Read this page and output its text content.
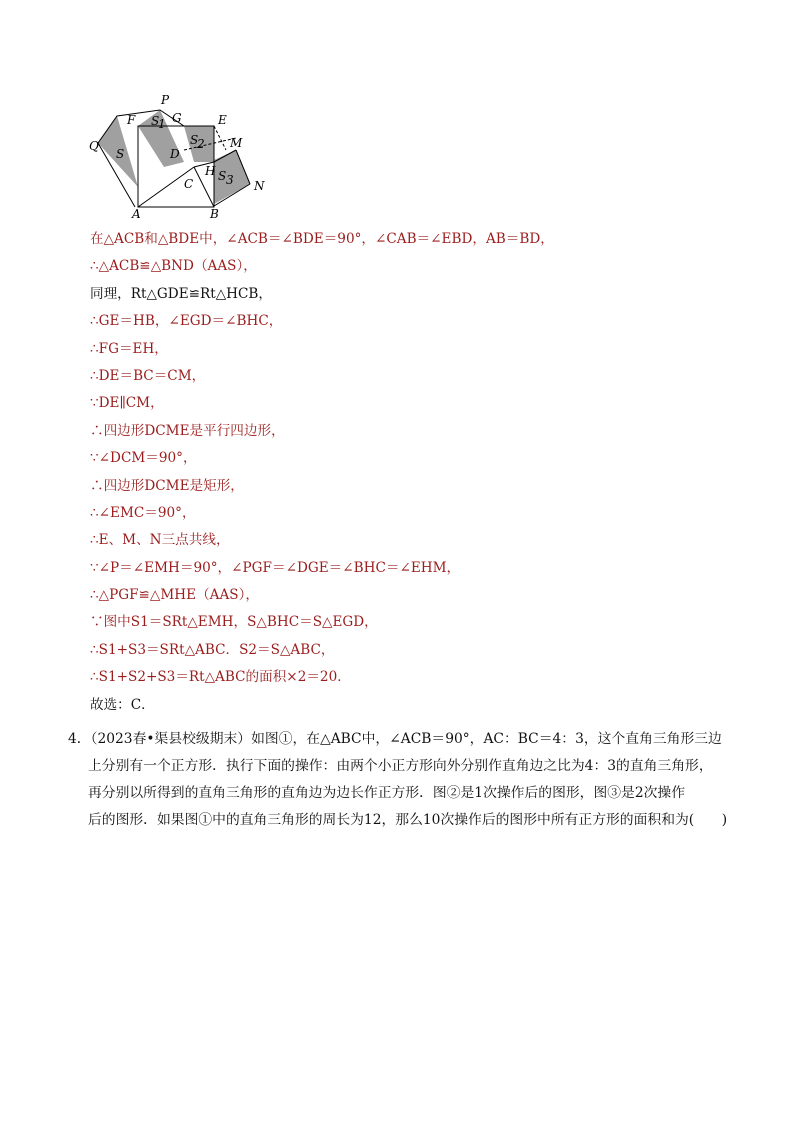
P
F S
1 G	E
Q
S	D
S
2 M
H
C
S 3 N
A	B
在△ACB和△BDE中，∠ACB＝∠BDE＝90°，∠CAB＝∠EBD，AB＝BD，
∴△ACB≌△BND（AAS），
同理，Rt△GDE≌Rt△HCB，
∴GE＝HB，∠EGD＝∠BHC，
∴FG＝EH，
∴DE＝BC＝CM，
∵DE∥CM，
∴四边形DCME是平行四边形，
∵∠DCM＝90°，
∴四边形DCME是矩形，
∴∠EMC＝90°，
∴E、M、N三点共线，
∵∠P＝∠EMH＝90°，∠PGF＝∠DGE＝∠BHC＝∠EHM，
∴△PGF≌△MHE（AAS），
∵图中S1＝SRt△EMH，S△BHC＝S△EGD，
∴S1+S3＝SRt△ABC．S2＝S△ABC，
∴S1+S2+S3＝Rt△ABC的面积×2＝20．
故选：C．
4．（2023春•渠县校级期末）如图①，在△ABC中，∠ACB＝90°，AC：BC＝4：3，这个直角三角形三边
上分别有一个正方形．执行下面的操作：由两个小正方形向外分别作直角边之比为4：3的直角三角形，
再分别以所得到的直角三角形的直角边为边长作正方形．图②是1次操作后的图形，图③是2次操作
后的图形．如果图①中的直角三角形的周长为12，那么10次操作后的图形中所有正方形的面积和为(　　)
